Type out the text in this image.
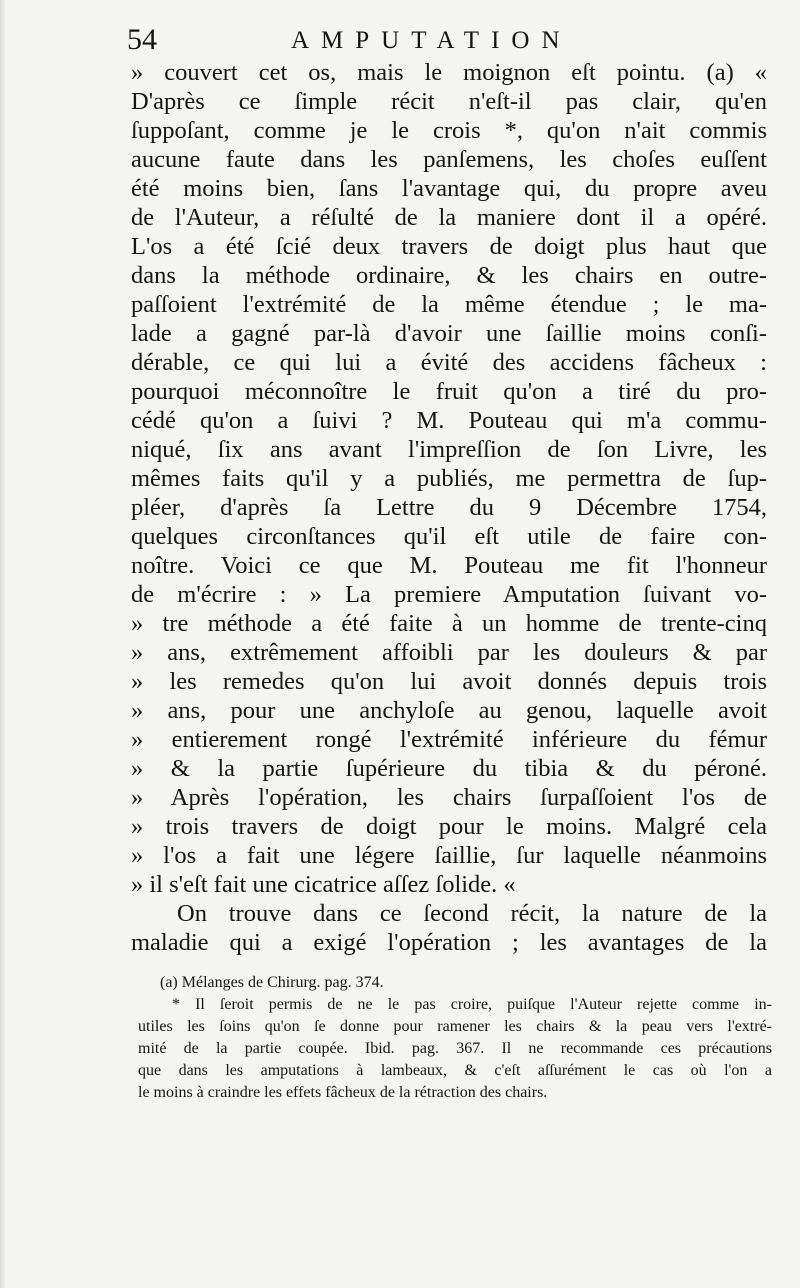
54	AMPUTATION
» couvert cet os, mais le moignon eſt pointu. (a) «
D'après ce ſimple récit n'eſt-il pas clair, qu'en
ſuppoſant, comme je le crois *, qu'on n'ait commis
aucune faute dans les panſemens, les choſes euſſent
été moins bien, ſans l'avantage qui, du propre aveu
de l'Auteur, a réſulté de la maniere dont il a opéré.
L'os a été ſcié deux travers de doigt plus haut que
dans la méthode ordinaire, & les chairs en outre-
paſſoient l'extrémité de la même étendue ; le ma-
lade a gagné par-là d'avoir une ſaillie moins conſi-
dérable, ce qui lui a évité des accidens fâcheux :
pourquoi méconnoître le fruit qu'on a tiré du pro-
cédé qu'on a ſuivi ? M. Pouteau qui m'a commu-
niqué, ſix ans avant l'impreſſion de ſon Livre, les
mêmes faits qu'il y a publiés, me permettra de ſup-
pléer, d'après ſa Lettre du 9 Décembre 1754,
quelques circonſtances qu'il eſt utile de faire con-
noître. Voici ce que M. Pouteau me fit l'honneur
de m'écrire : » La premiere Amputation ſuivant vo-
» tre méthode a été faite à un homme de trente-cinq
» ans, extrêmement affoibli par les douleurs & par
» les remedes qu'on lui avoit donnés depuis trois
» ans, pour une anchyloſe au genou, laquelle avoit
» entierement rongé l'extrémité inférieure du fémur
» & la partie ſupérieure du tibia & du péroné.
» Après l'opération, les chairs ſurpaſſoient l'os de
» trois travers de doigt pour le moins. Malgré cela
» l'os a fait une légere ſaillie, ſur laquelle néanmoins
» il s'eſt fait une cicatrice aſſez ſolide. «
On trouve dans ce ſecond récit, la nature de la
maladie qui a exigé l'opération ; les avantages de la
(a) Mélanges de Chirurg. pag. 374.
* Il ſeroit permis de ne le pas croire, puiſque l'Auteur rejette comme in-
utiles les ſoins qu'on ſe donne pour ramener les chairs & la peau vers l'extré-
mité de la partie coupée. Ibid. pag. 367. Il ne recommande ces précautions
que dans les amputations à lambeaux, & c'eſt aſſurément le cas où l'on a
le moins à craindre les effets fâcheux de la rétraction des chairs.
